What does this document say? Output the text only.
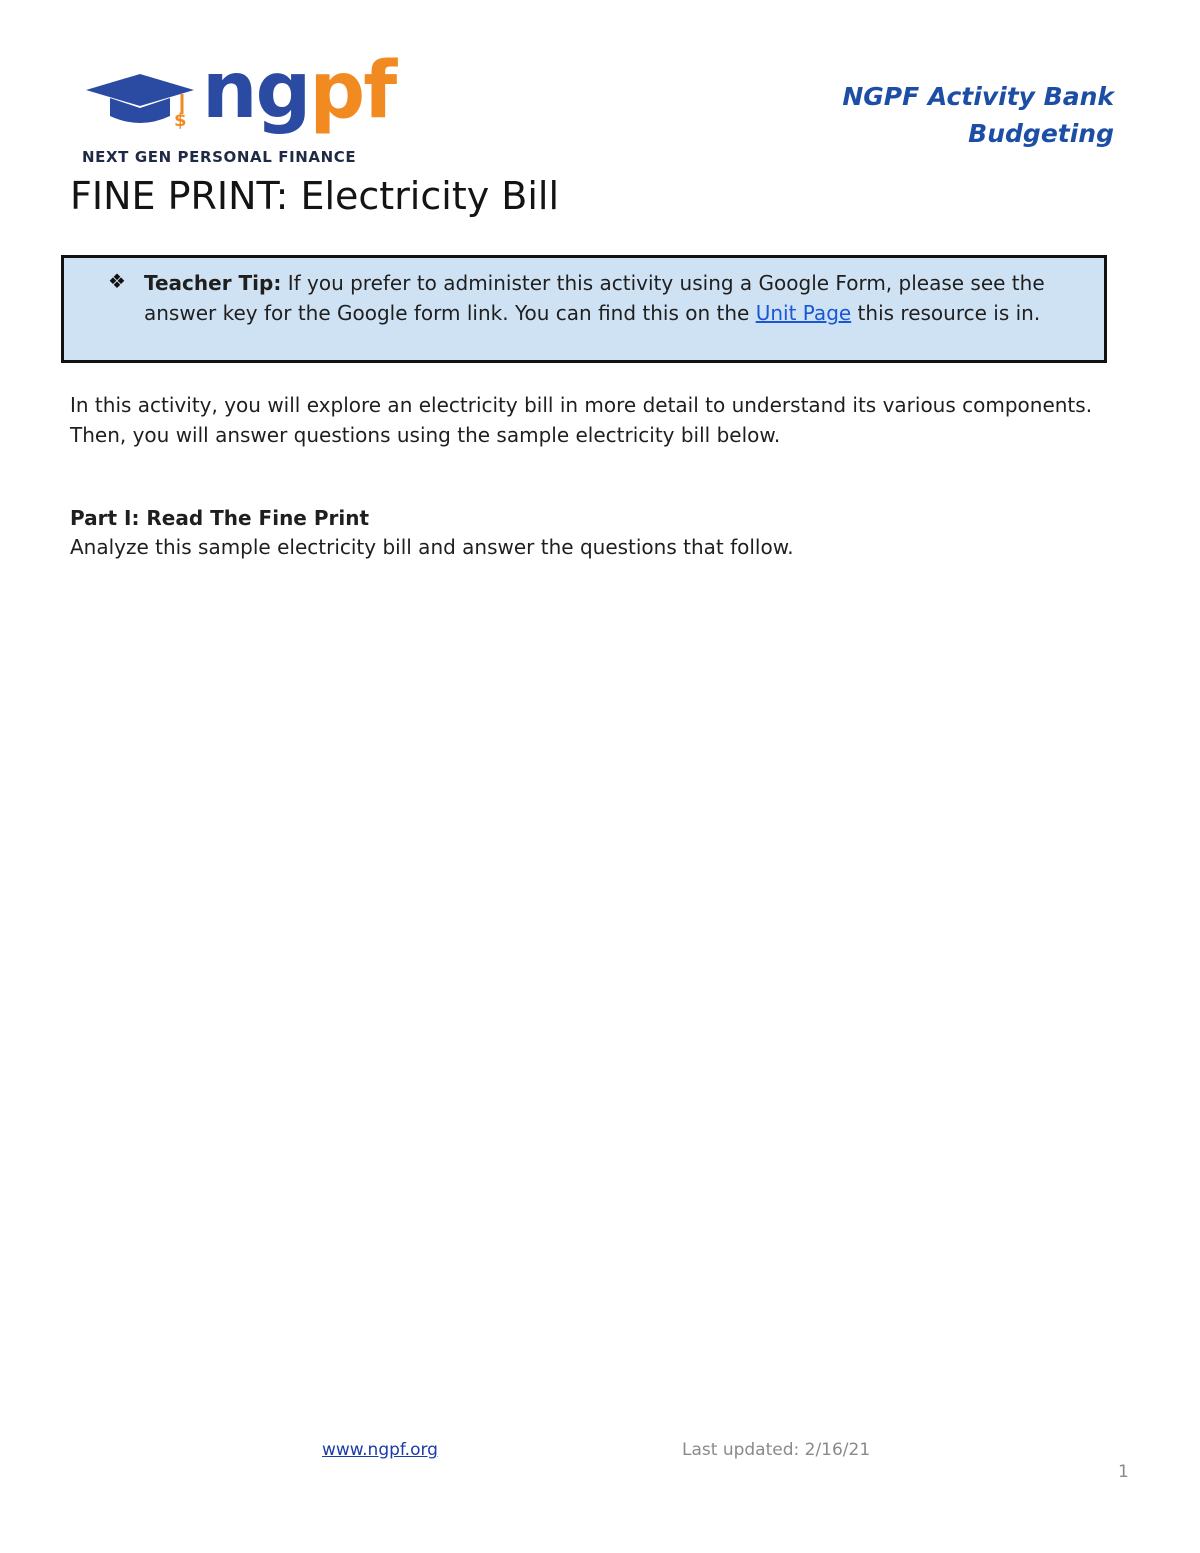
$ ngpf
NEXT GEN PERSONAL FINANCE
NGPF Activity Bank
Budgeting
FINE PRINT: Electricity Bill
❖ Teacher Tip: If you prefer to administer this activity using a Google Form, please see the answer key for the Google form link. You can find this on the Unit Page this resource is in.

In this activity, you will explore an electricity bill in more detail to understand its various components. Then, you will answer questions using the sample electricity bill below.

Part I: Read The Fine Print

Analyze this sample electricity bill and answer the questions that follow.

www.ngpf.org	Last updated: 2/16/21
1
